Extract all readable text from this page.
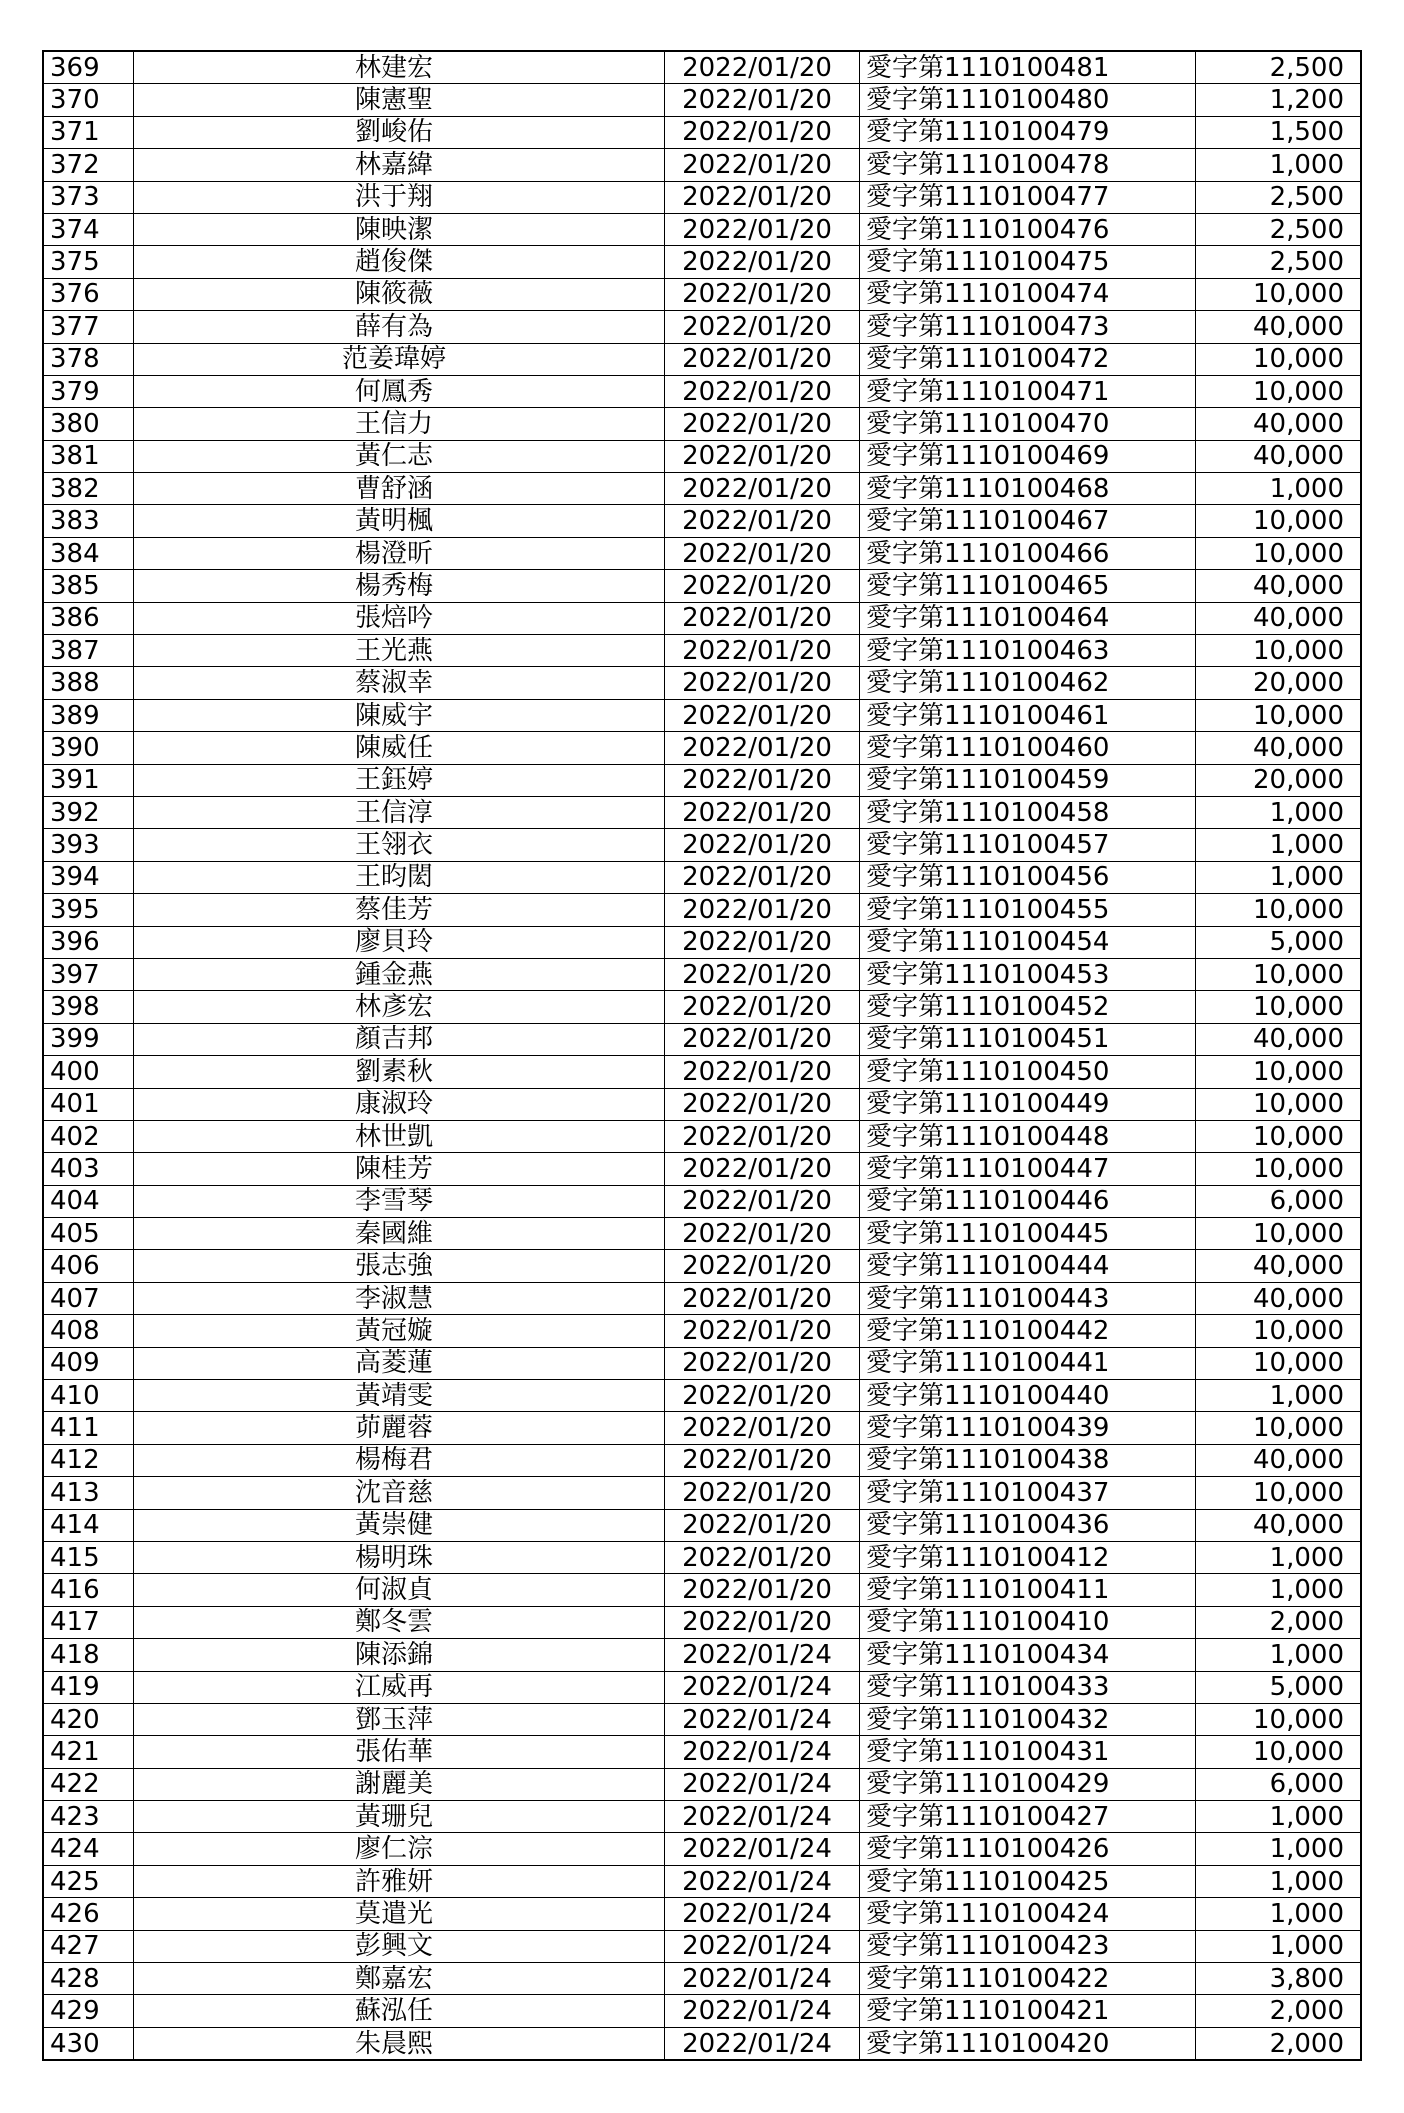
369	林建宏	2022/01/20	愛字第1110100481	2,500
370	陳憲聖	2022/01/20	愛字第1110100480	1,200
371	劉峻佑	2022/01/20	愛字第1110100479	1,500
372	林嘉緯	2022/01/20	愛字第1110100478	1,000
373	洪于翔	2022/01/20	愛字第1110100477	2,500
374	陳映潔	2022/01/20	愛字第1110100476	2,500
375	趙俊傑	2022/01/20	愛字第1110100475	2,500
376	陳筱薇	2022/01/20	愛字第1110100474	10,000
377	薛有為	2022/01/20	愛字第1110100473	40,000
378	范姜瑋婷	2022/01/20	愛字第1110100472	10,000
379	何鳳秀	2022/01/20	愛字第1110100471	10,000
380	王信力	2022/01/20	愛字第1110100470	40,000
381	黃仁志	2022/01/20	愛字第1110100469	40,000
382	曹舒涵	2022/01/20	愛字第1110100468	1,000
383	黃明楓	2022/01/20	愛字第1110100467	10,000
384	楊澄昕	2022/01/20	愛字第1110100466	10,000
385	楊秀梅	2022/01/20	愛字第1110100465	40,000
386	張焙吟	2022/01/20	愛字第1110100464	40,000
387	王光燕	2022/01/20	愛字第1110100463	10,000
388	蔡淑幸	2022/01/20	愛字第1110100462	20,000
389	陳威宇	2022/01/20	愛字第1110100461	10,000
390	陳威任	2022/01/20	愛字第1110100460	40,000
391	王鈺婷	2022/01/20	愛字第1110100459	20,000
392	王信淳	2022/01/20	愛字第1110100458	1,000
393	王翎衣	2022/01/20	愛字第1110100457	1,000
394	王昀閎	2022/01/20	愛字第1110100456	1,000
395	蔡佳芳	2022/01/20	愛字第1110100455	10,000
396	廖貝玲	2022/01/20	愛字第1110100454	5,000
397	鍾金燕	2022/01/20	愛字第1110100453	10,000
398	林彥宏	2022/01/20	愛字第1110100452	10,000
399	顏吉邦	2022/01/20	愛字第1110100451	40,000
400	劉素秋	2022/01/20	愛字第1110100450	10,000
401	康淑玲	2022/01/20	愛字第1110100449	10,000
402	林世凱	2022/01/20	愛字第1110100448	10,000
403	陳桂芳	2022/01/20	愛字第1110100447	10,000
404	李雪琴	2022/01/20	愛字第1110100446	6,000
405	秦國維	2022/01/20	愛字第1110100445	10,000
406	張志強	2022/01/20	愛字第1110100444	40,000
407	李淑慧	2022/01/20	愛字第1110100443	40,000
408	黃冠嫙	2022/01/20	愛字第1110100442	10,000
409	高菱蓮	2022/01/20	愛字第1110100441	10,000
410	黃靖雯	2022/01/20	愛字第1110100440	1,000
411	茆麗蓉	2022/01/20	愛字第1110100439	10,000
412	楊梅君	2022/01/20	愛字第1110100438	40,000
413	沈音慈	2022/01/20	愛字第1110100437	10,000
414	黃崇健	2022/01/20	愛字第1110100436	40,000
415	楊明珠	2022/01/20	愛字第1110100412	1,000
416	何淑貞	2022/01/20	愛字第1110100411	1,000
417	鄭冬雲	2022/01/20	愛字第1110100410	2,000
418	陳添錦	2022/01/24	愛字第1110100434	1,000
419	江威再	2022/01/24	愛字第1110100433	5,000
420	鄧玉萍	2022/01/24	愛字第1110100432	10,000
421	張佑華	2022/01/24	愛字第1110100431	10,000
422	謝麗美	2022/01/24	愛字第1110100429	6,000
423	黃珊兒	2022/01/24	愛字第1110100427	1,000
424	廖仁淙	2022/01/24	愛字第1110100426	1,000
425	許雅妍	2022/01/24	愛字第1110100425	1,000
426	莫遣光	2022/01/24	愛字第1110100424	1,000
427	彭興文	2022/01/24	愛字第1110100423	1,000
428	鄭嘉宏	2022/01/24	愛字第1110100422	3,800
429	蘇泓任	2022/01/24	愛字第1110100421	2,000
430	朱晨熙	2022/01/24	愛字第1110100420	2,000
